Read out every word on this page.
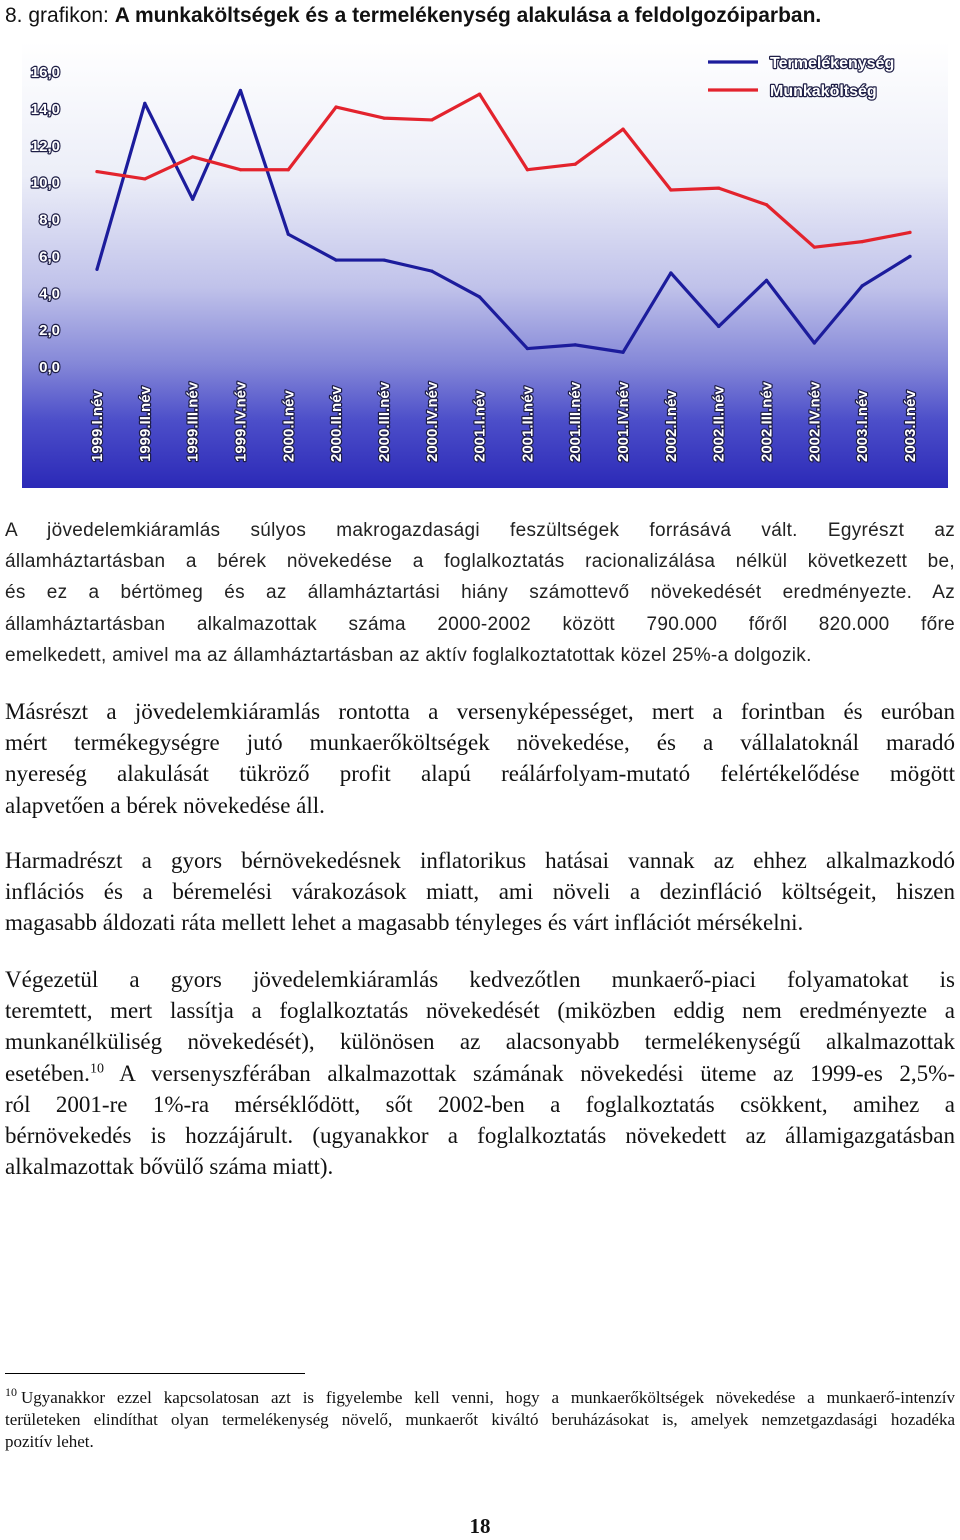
8. grafikon: A munkaköltségek és a termelékenység alakulása a feldolgozóiparban.
16,0
14,0
12,0
10,0
8,0
6,0
4,0
2,0
0,0
1999.I.név 1999.II.név 1999.III.név 1999.IV.név 2000.I.név 2000.II.név 2000.III.név 2000.IV.név 2001.I.név 2001.II.név 2001.III.név 2001.IV.név 2002.I.név 2002.II.név 2002.III.név 2002.IV.név 2003.I.név 2003.I.név
Termelékenység
Munkaköltség
A jövedelemkiáramlás súlyos makrogazdasági feszültségek forrásává vált. Egyrészt az
államháztartásban a bérek növekedése a foglalkoztatás racionalizálása nélkül következett be,
és ez a bértömeg és az államháztartási hiány számottevő növekedését eredményezte. Az
államháztartásban alkalmazottak száma 2000-2002 között 790.000 főről 820.000 főre
emelkedett, amivel ma az államháztartásban az aktív foglalkoztatottak közel 25%-a dolgozik.
Másrészt a jövedelemkiáramlás rontotta a versenyképességet, mert a forintban és euróban
mért termékegységre jutó munkaerőköltségek növekedése, és a vállalatoknál maradó
nyereség alakulását tükröző profit alapú reálárfolyam-mutató felértékelődése mögött
alapvetően a bérek növekedése áll.
Harmadrészt a gyors bérnövekedésnek inflatorikus hatásai vannak az ehhez alkalmazkodó
inflációs és a béremelési várakozások miatt, ami növeli a dezinfláció költségeit, hiszen
magasabb áldozati ráta mellett lehet a magasabb tényleges és várt inflációt mérsékelni.
Végezetül a gyors jövedelemkiáramlás kedvezőtlen munkaerő-piaci folyamatokat is
teremtett, mert lassítja a foglalkoztatás növekedését (miközben eddig nem eredményezte a
munkanélküliség növekedését), különösen az alacsonyabb termelékenységű alkalmazottak
esetében.$^{10}$ A versenyszférában alkalmazottak számának növekedési üteme az 1999-es 2,5%-
ról 2001-re 1%-ra mérséklődött, sőt 2002-ben a foglalkoztatás csökkent, amihez a
bérnövekedés is hozzájárult. (ugyanakkor a foglalkoztatás növekedett az államigazgatásban
alkalmazottak bővülő száma miatt).
$^{10}$ Ugyanakkor ezzel kapcsolatosan azt is figyelembe kell venni, hogy a munkaerőköltségek növekedése a munkaerő-intenzív
területeken elindíthat olyan termelékenység növelő, munkaerőt kiváltó beruházásokat is, amelyek nemzetgazdasági hozadéka
pozitív lehet.
18
